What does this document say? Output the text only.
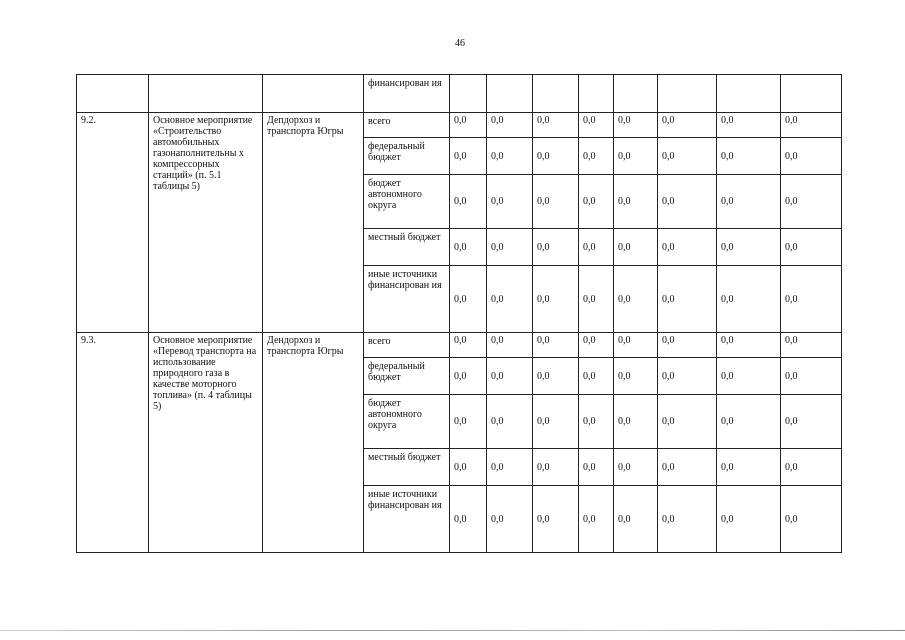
46
			финансирован ия								
9.2.	Основное мероприятие «Строительство автомобильных газонаполнительны х компрессорных станций» (п. 5.1 таблицы 5)	Депдорхоз и транспорта Югры	всего	0,0	0,0	0,0	0,0	0,0	0,0	0,0	0,0
			федеральный бюджет	0,0	0,0	0,0	0,0	0,0	0,0	0,0	0,0
			бюджет автономного округа	0,0	0,0	0,0	0,0	0,0	0,0	0,0	0,0
			местный бюджет	0,0	0,0	0,0	0,0	0,0	0,0	0,0	0,0
			иные источники финансирован ия	0,0	0,0	0,0	0,0	0,0	0,0	0,0	0,0
9.3.	Основное мероприятие «Перевод транспорта на использование природного газа в качестве моторного топлива» (п. 4 таблицы 5)	Дендорхоз и транспорта Югры	всего	0,0	0,0	0,0	0,0	0,0	0,0	0,0	0,0
			федеральный бюджет	0,0	0,0	0,0	0,0	0,0	0,0	0,0	0,0
			бюджет автономного округа	0,0	0,0	0,0	0,0	0,0	0,0	0,0	0,0
			местный бюджет	0,0	0,0	0,0	0,0	0,0	0,0	0,0	0,0
			иные источники финансирован ия	0,0	0,0	0,0	0,0	0,0	0,0	0,0	0,0
